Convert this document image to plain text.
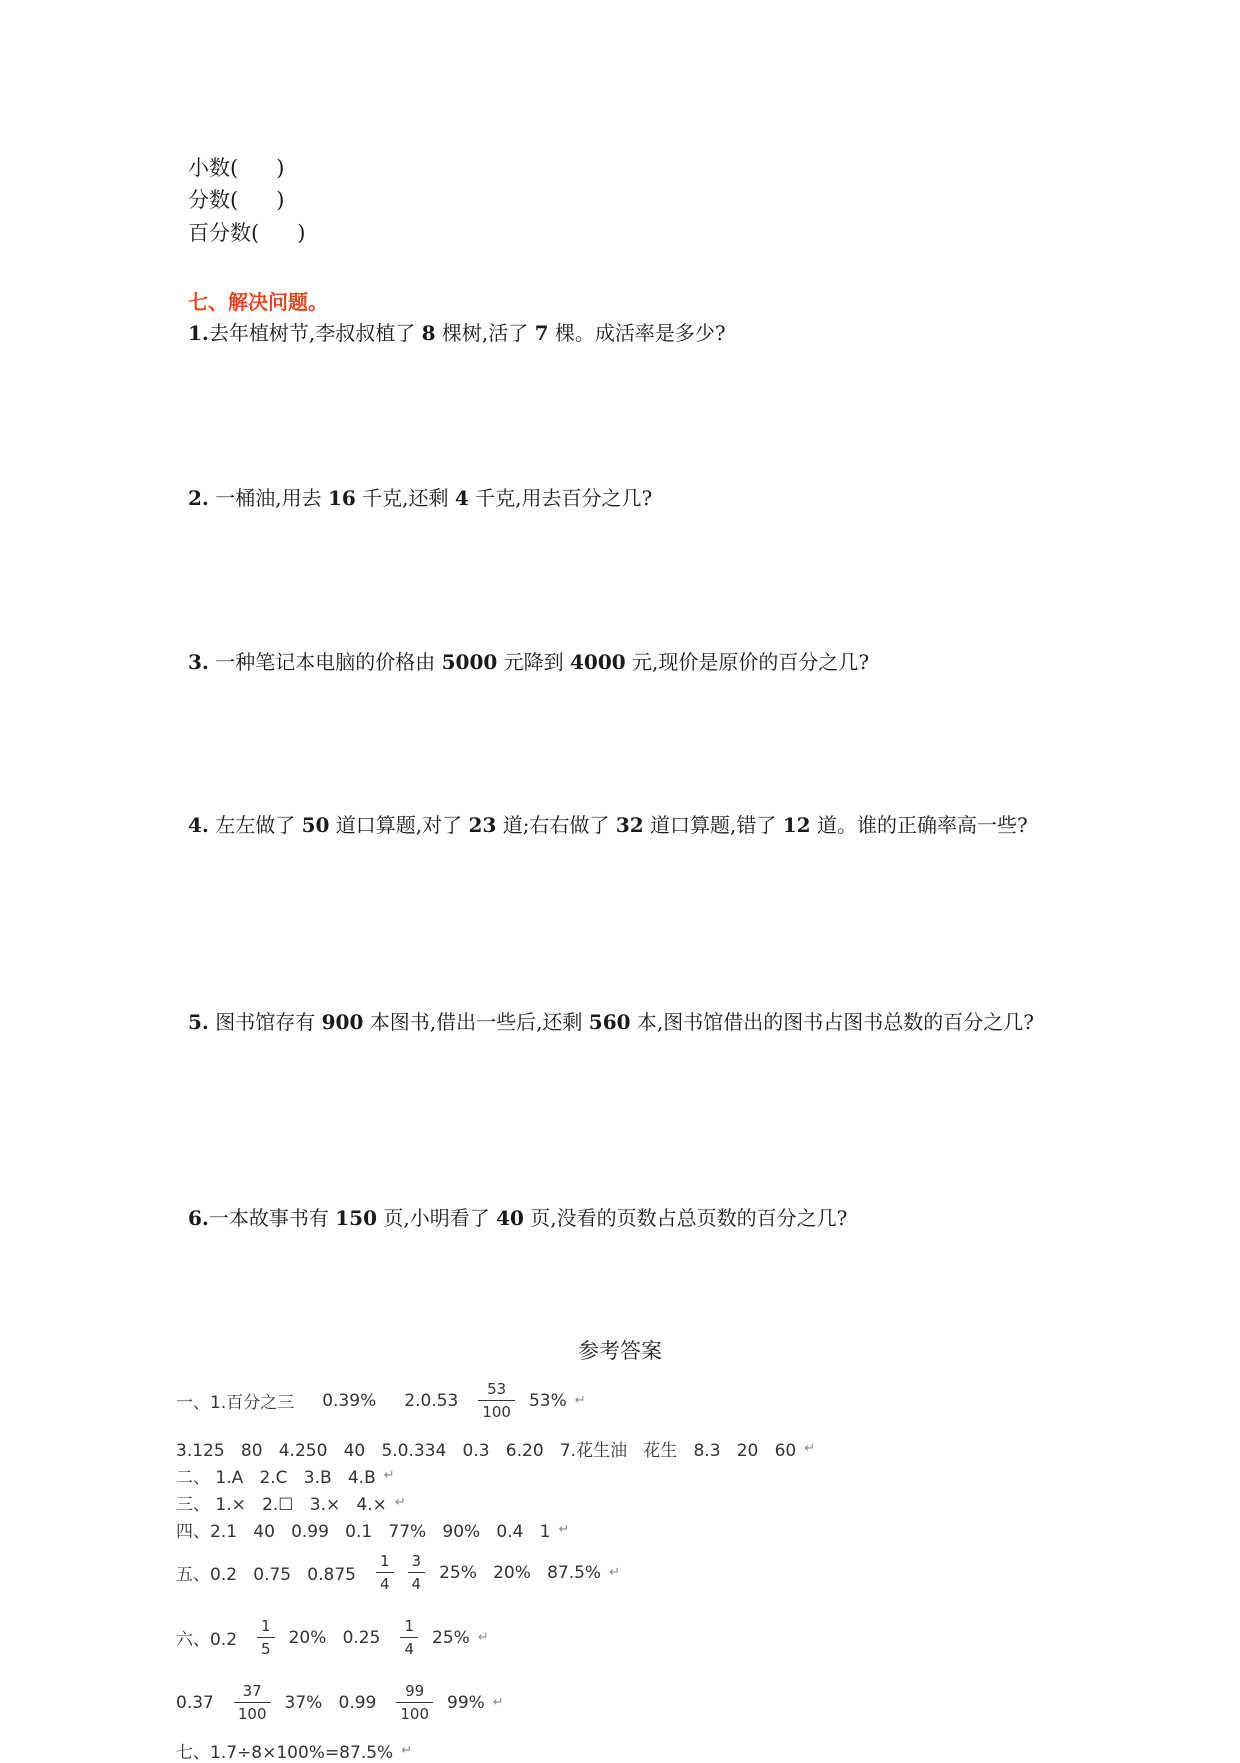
小数( )
分数( )
百分数( )
七、解决问题。
1.去年植树节,李叔叔植了 8 棵树,活了 7 棵。成活率是多少?
2. 一桶油,用去 16 千克,还剩 4 千克,用去百分之几?
3. 一种笔记本电脑的价格由 5000 元降到 4000 元,现价是原价的百分之几?
4. 左左做了 50 道口算题,对了 23 道;右右做了 32 道口算题,错了 12 道。谁的正确率高一些?
5. 图书馆存有 900 本图书,借出一些后,还剩 560 本,图书馆借出的图书占图书总数的百分之几?
6.一本故事书有 150 页,小明看了 40 页,没看的页数占总页数的百分之几?
参考答案
一、1.百分之三 0.39% $2.0.53 \frac{53}{100} 53\%$ ↵
3.125   80   4.250   40   5.0.334   0.3   6.20   7.花生油   花生   8.3   20   60 ↵
二、 1.A   2.C   3.B   4.B ↵
三、 1.×   2.☐   3.×   4.× ↵
四、2.1   40   0.99   0.1   77%   90%   0.4   1 ↵
五、0.2   0.75   $0.875 \frac{1}{4} \frac{3}{4} 25\%$   20%   87.5% ↵
六、$0.2 \frac{1}{5} 20\%$   $0.25 \frac{1}{4} 25\%$ ↵
$0.37 \frac{37}{100} 37\%$   $0.99 \frac{99}{100} 99\%$ ↵
七、1.7÷8×100%=87.5% ↵
